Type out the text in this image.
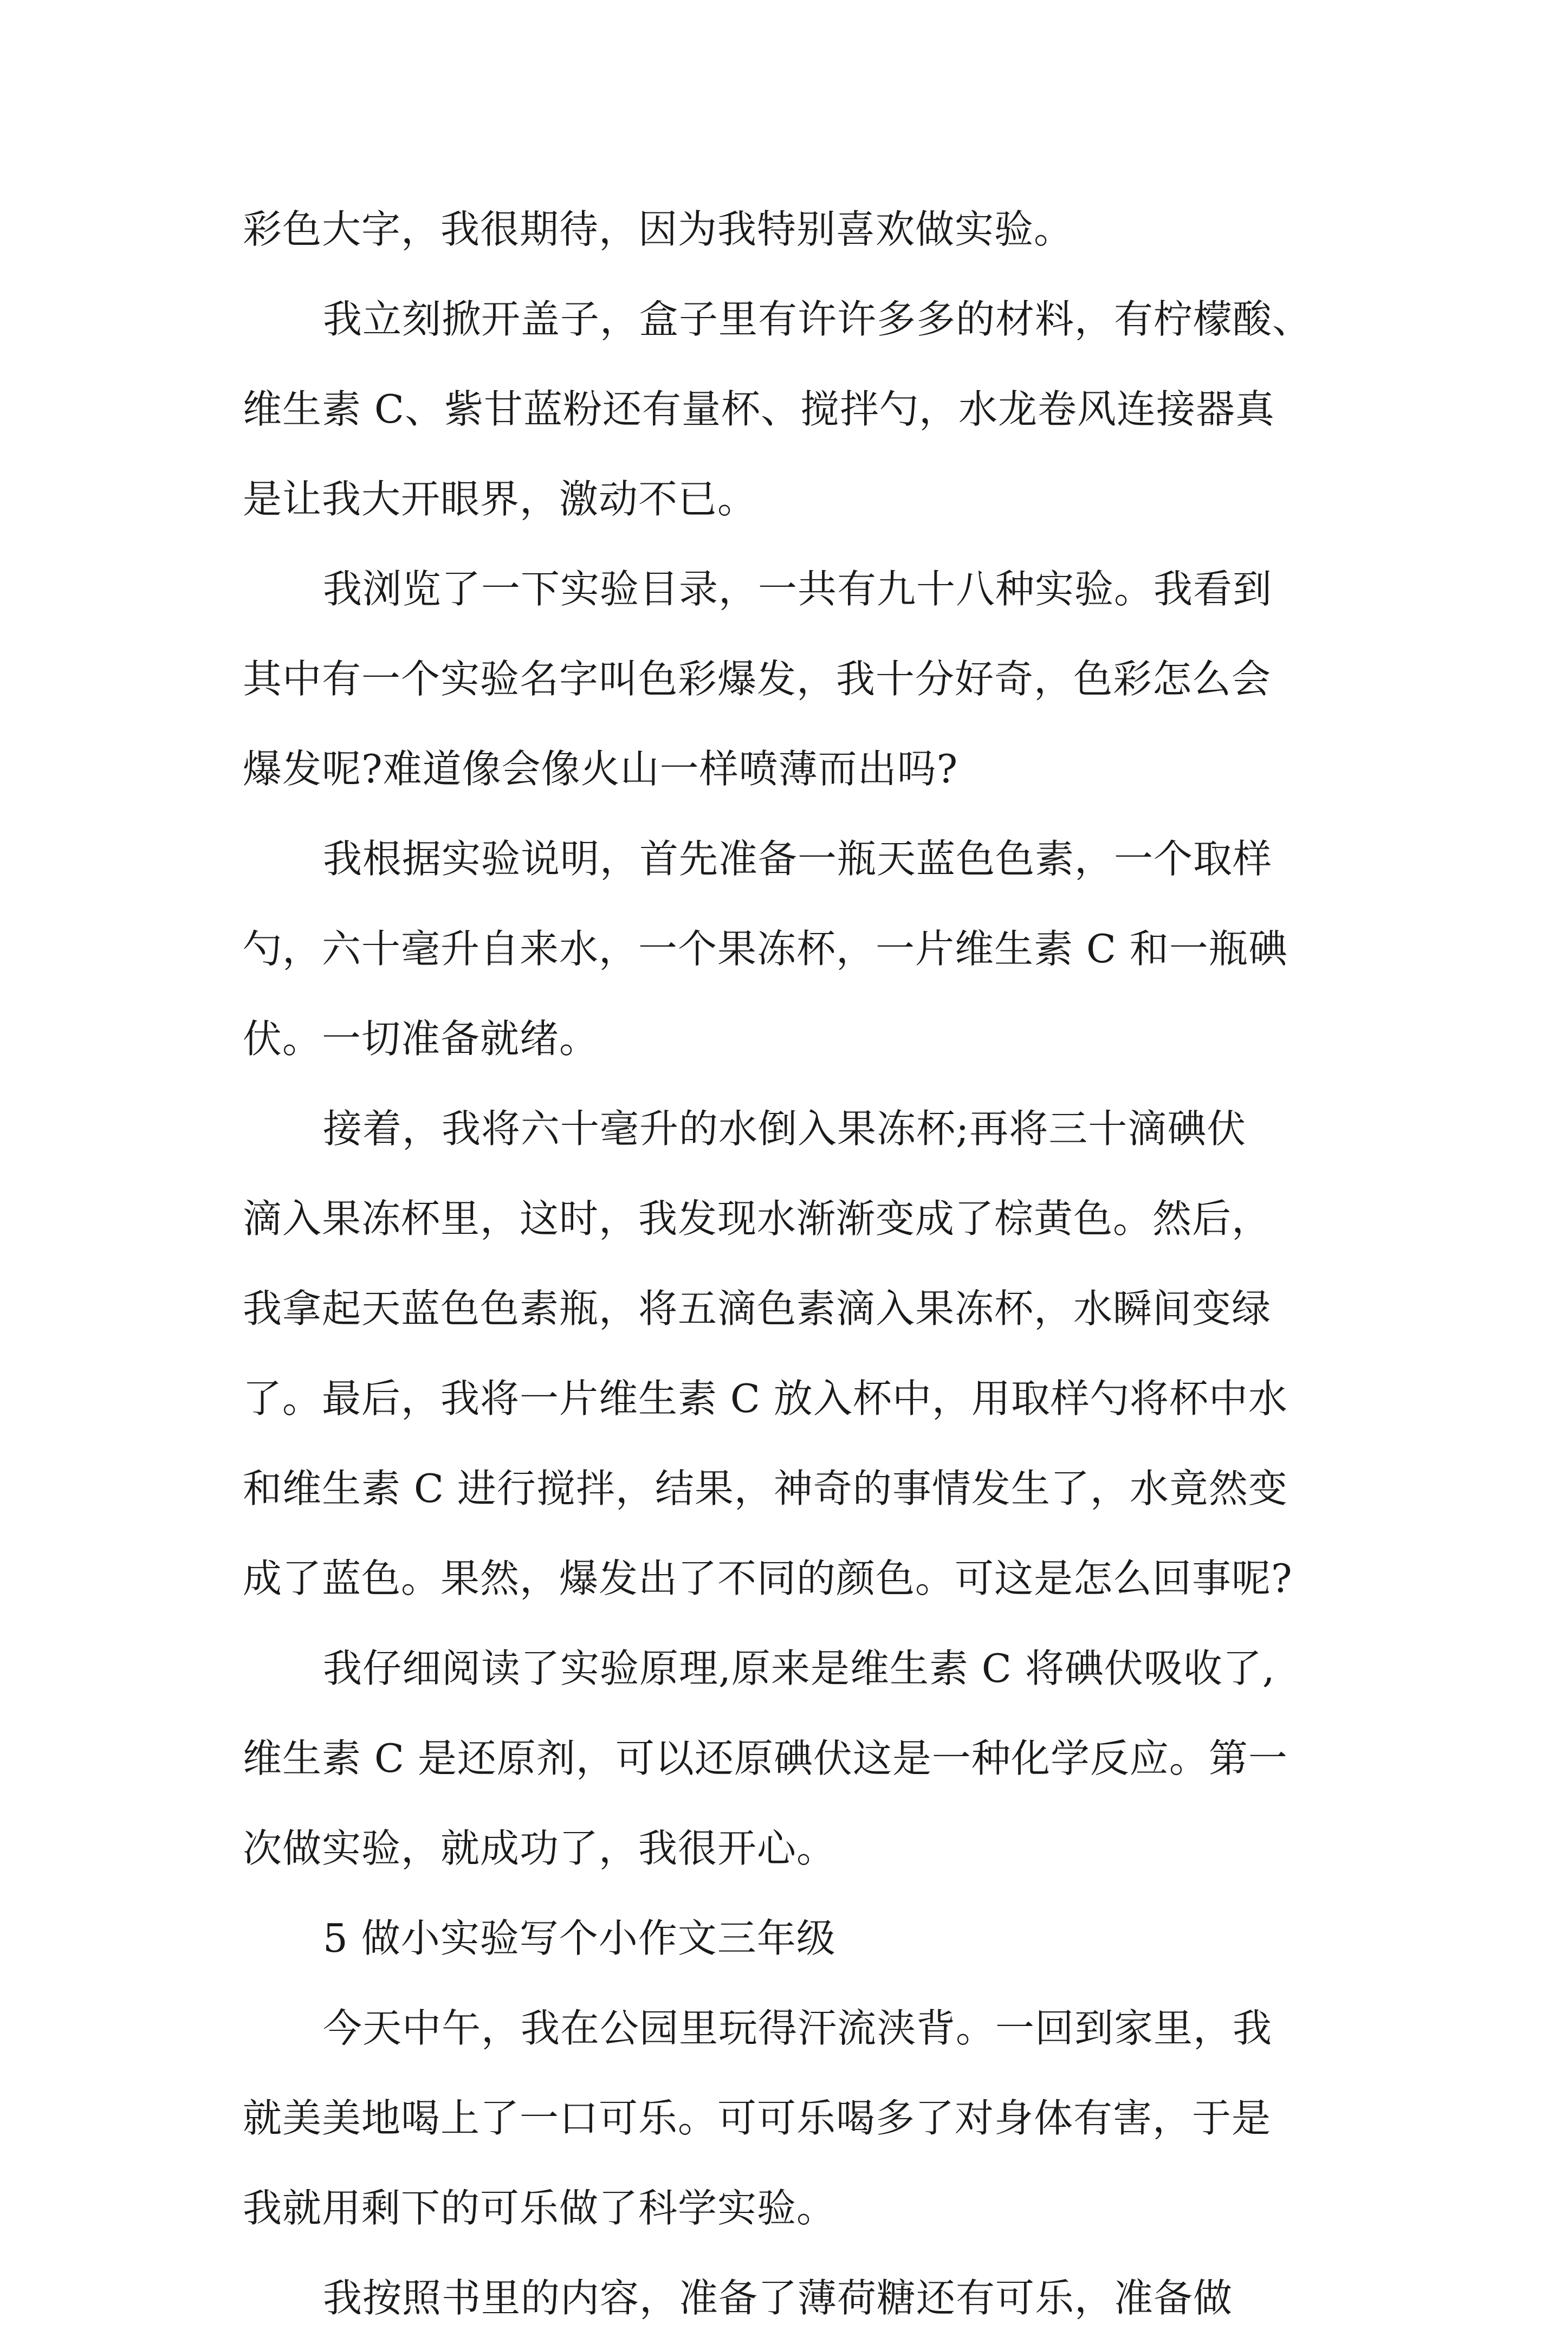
彩色大字，我很期待，因为我特别喜欢做实验。
我立刻掀开盖子，盒子里有许许多多的材料，有柠檬酸、
维生素 C、紫甘蓝粉还有量杯、搅拌勺，水龙卷风连接器真
是让我大开眼界，激动不已。
我浏览了一下实验目录，一共有九十八种实验。我看到
其中有一个实验名字叫色彩爆发，我十分好奇，色彩怎么会
爆发呢?难道像会像火山一样喷薄而出吗?
我根据实验说明，首先准备一瓶天蓝色色素，一个取样
勺，六十毫升自来水，一个果冻杯，一片维生素 C 和一瓶碘
伏。一切准备就绪。
接着，我将六十毫升的水倒入果冻杯;再将三十滴碘伏
滴入果冻杯里，这时，我发现水渐渐变成了棕黄色。然后，
我拿起天蓝色色素瓶，将五滴色素滴入果冻杯，水瞬间变绿
了。最后，我将一片维生素 C 放入杯中，用取样勺将杯中水
和维生素 C 进行搅拌，结果，神奇的事情发生了，水竟然变
成了蓝色。果然，爆发出了不同的颜色。可这是怎么回事呢?
我仔细阅读了实验原理,原来是维生素 C 将碘伏吸收了,
维生素 C 是还原剂，可以还原碘伏这是一种化学反应。第一
次做实验，就成功了，我很开心。
5 做小实验写个小作文三年级
今天中午，我在公园里玩得汗流浃背。一回到家里，我
就美美地喝上了一口可乐。可可乐喝多了对身体有害，于是
我就用剩下的可乐做了科学实验。
我按照书里的内容，准备了薄荷糖还有可乐，准备做
